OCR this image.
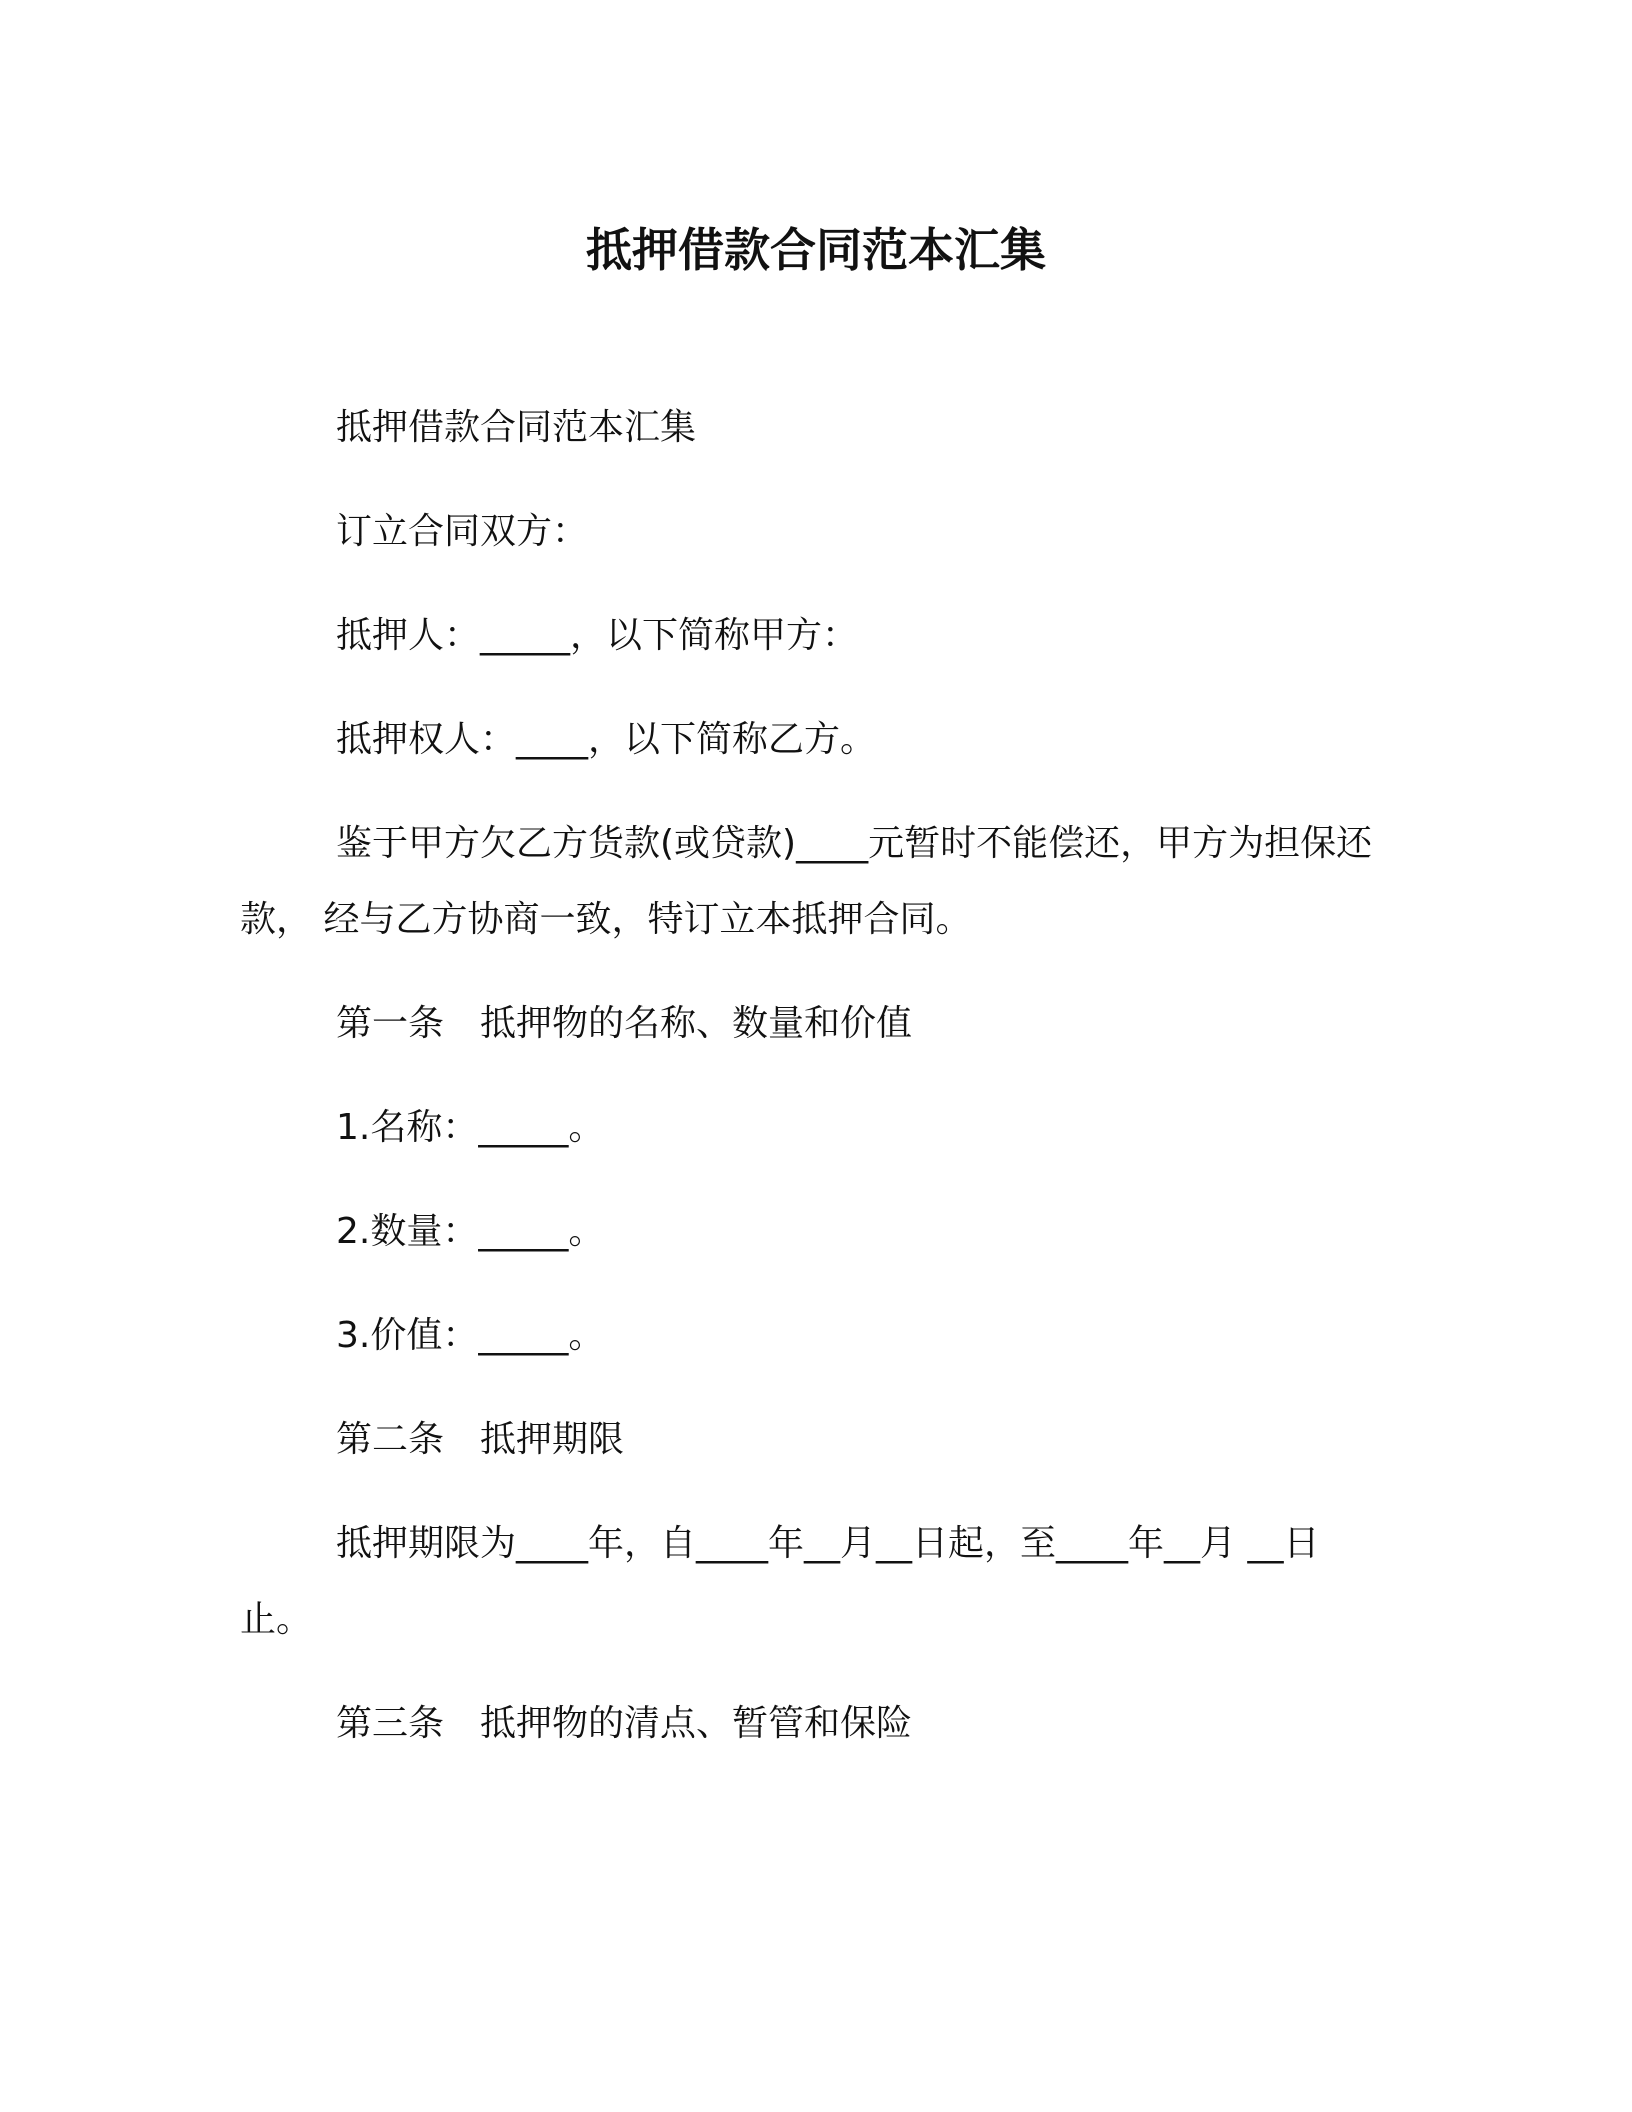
抵押借款合同范本汇集

抵押借款合同范本汇集

订立合同双方：

抵押人：_____，以下简称甲方：

抵押权人：____，以下简称乙方。

鉴于甲方欠乙方货款(或贷款)____元暂时不能偿还，甲方为担保还款， 经与乙方协商一致，特订立本抵押合同。

第一条　抵押物的名称、数量和价值

1.名称：_____。

2.数量：_____。

3.价值：_____。

第二条　抵押期限

抵押期限为____年，自____年__月__日起，至____年__月 __日止。

第三条　抵押物的清点、暂管和保险
